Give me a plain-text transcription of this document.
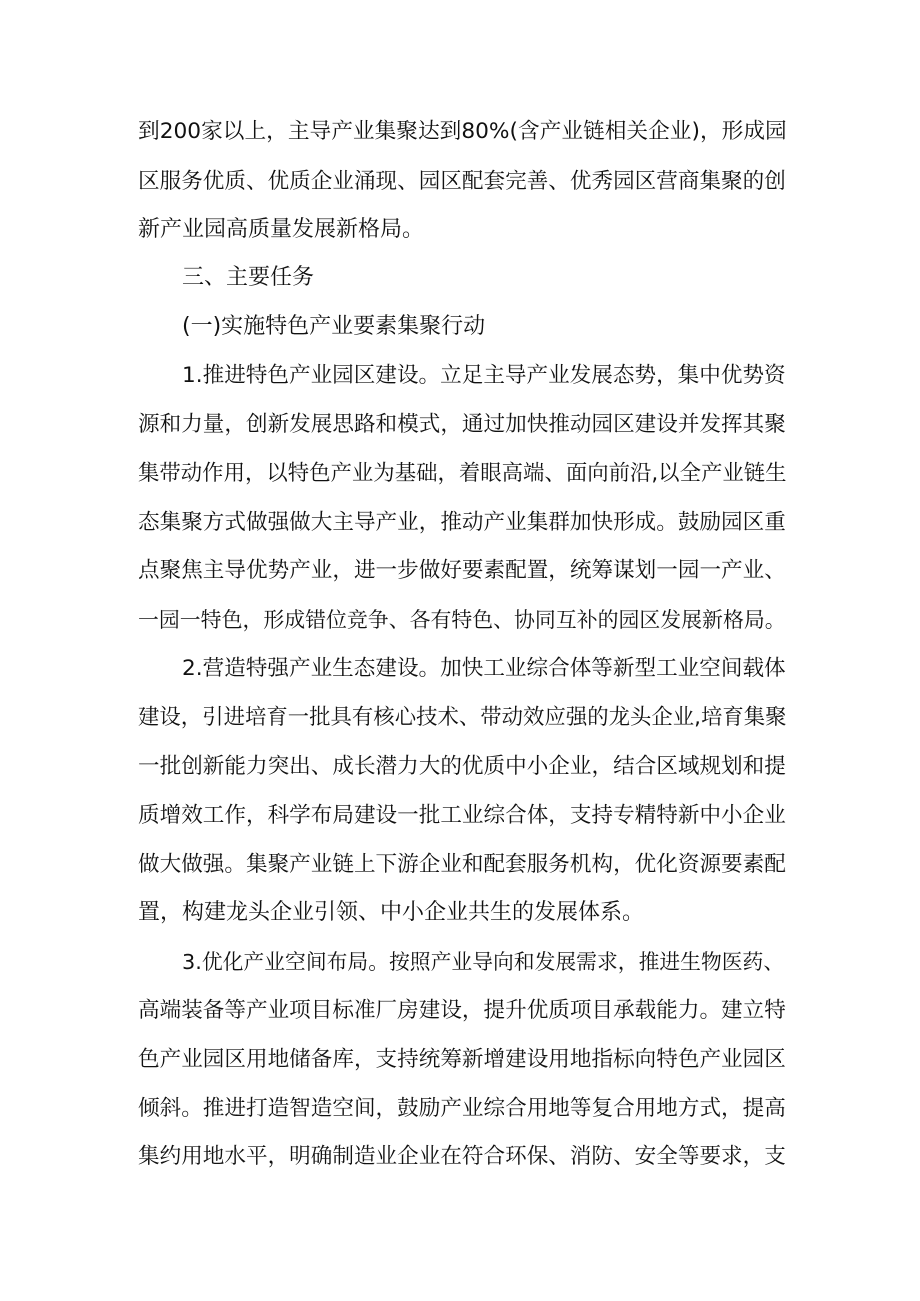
到200家以上，主导产业集聚达到80%(含产业链相关企业)，形成园
区服务优质、优质企业涌现、园区配套完善、优秀园区营商集聚的创
新产业园高质量发展新格局。
三、主要任务
(一)实施特色产业要素集聚行动
1.推进特色产业园区建设。立足主导产业发展态势，集中优势资
源和力量，创新发展思路和模式，通过加快推动园区建设并发挥其聚
集带动作用，以特色产业为基础，着眼高端、面向前沿,以全产业链生
态集聚方式做强做大主导产业，推动产业集群加快形成。鼓励园区重
点聚焦主导优势产业，进一步做好要素配置，统筹谋划一园一产业、
一园一特色，形成错位竞争、各有特色、协同互补的园区发展新格局。
2.营造特强产业生态建设。加快工业综合体等新型工业空间载体
建设，引进培育一批具有核心技术、带动效应强的龙头企业,培育集聚
一批创新能力突出、成长潜力大的优质中小企业，结合区域规划和提
质增效工作，科学布局建设一批工业综合体，支持专精特新中小企业
做大做强。集聚产业链上下游企业和配套服务机构，优化资源要素配
置，构建龙头企业引领、中小企业共生的发展体系。
3.优化产业空间布局。按照产业导向和发展需求，推进生物医药、
高端装备等产业项目标准厂房建设，提升优质项目承载能力。建立特
色产业园区用地储备库，支持统筹新增建设用地指标向特色产业园区
倾斜。推进打造智造空间，鼓励产业综合用地等复合用地方式，提高
集约用地水平，明确制造业企业在符合环保、消防、安全等要求，支
